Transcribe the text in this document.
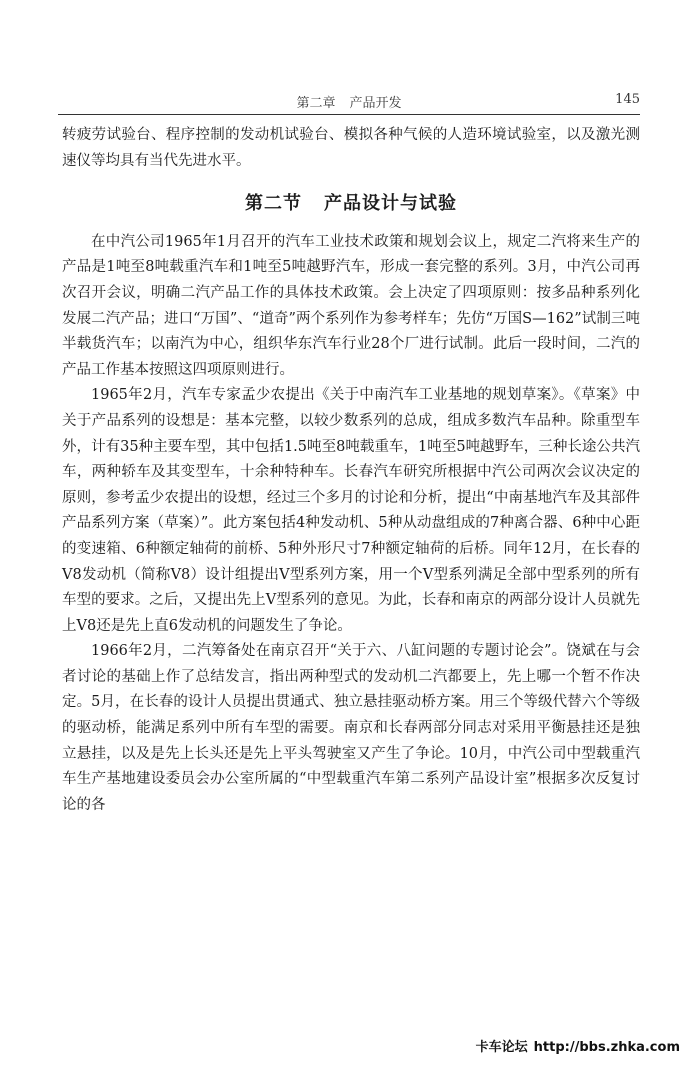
第二章 产品开发	145

转疲劳试验台、程序控制的发动机试验台、模拟各种气候的人造环境试验室，以及激光测速仪等均具有当代先进水平。

第二节 产品设计与试验

在中汽公司1965年1月召开的汽车工业技术政策和规划会议上，规定二汽将来生产的产品是1吨至8吨载重汽车和1吨至5吨越野汽车，形成一套完整的系列。3月，中汽公司再次召开会议，明确二汽产品工作的具体技术政策。会上决定了四项原则：按多品种系列化发展二汽产品；进口“万国”、“道奇”两个系列作为参考样车；先仿“万国S—162”试制三吨半载货汽车；以南汽为中心，组织华东汽车行业28个厂进行试制。此后一段时间，二汽的产品工作基本按照这四项原则进行。

1965年2月，汽车专家孟少农提出《关于中南汽车工业基地的规划草案》。《草案》中关于产品系列的设想是：基本完整，以较少数系列的总成，组成多数汽车品种。除重型车外，计有35种主要车型，其中包括1.5吨至8吨载重车，1吨至5吨越野车，三种长途公共汽车，两种轿车及其变型车，十余种特种车。长春汽车研究所根据中汽公司两次会议决定的原则，参考孟少农提出的设想，经过三个多月的讨论和分析，提出“中南基地汽车及其部件产品系列方案（草案）”。此方案包括4种发动机、5种从动盘组成的7种离合器、6种中心距的变速箱、6种额定轴荷的前桥、5种外形尺寸7种额定轴荷的后桥。同年12月，在长春的V8发动机（简称V8）设计组提出V型系列方案，用一个V型系列满足全部中型系列的所有车型的要求。之后，又提出先上V型系列的意见。为此，长春和南京的两部分设计人员就先上V8还是先上直6发动机的问题发生了争论。

1966年2月，二汽筹备处在南京召开“关于六、八缸问题的专题讨论会”。饶斌在与会者讨论的基础上作了总结发言，指出两种型式的发动机二汽都要上，先上哪一个暂不作决定。5月，在长春的设计人员提出贯通式、独立悬挂驱动桥方案。用三个等级代替六个等级的驱动桥，能满足系列中所有车型的需要。南京和长春两部分同志对采用平衡悬挂还是独立悬挂，以及是先上长头还是先上平头驾驶室又产生了争论。10月，中汽公司中型载重汽车生产基地建设委员会办公室所属的“中型载重汽车第二系列产品设计室”根据多次反复讨论的各

卡车论坛 http://bbs.zhka.com
